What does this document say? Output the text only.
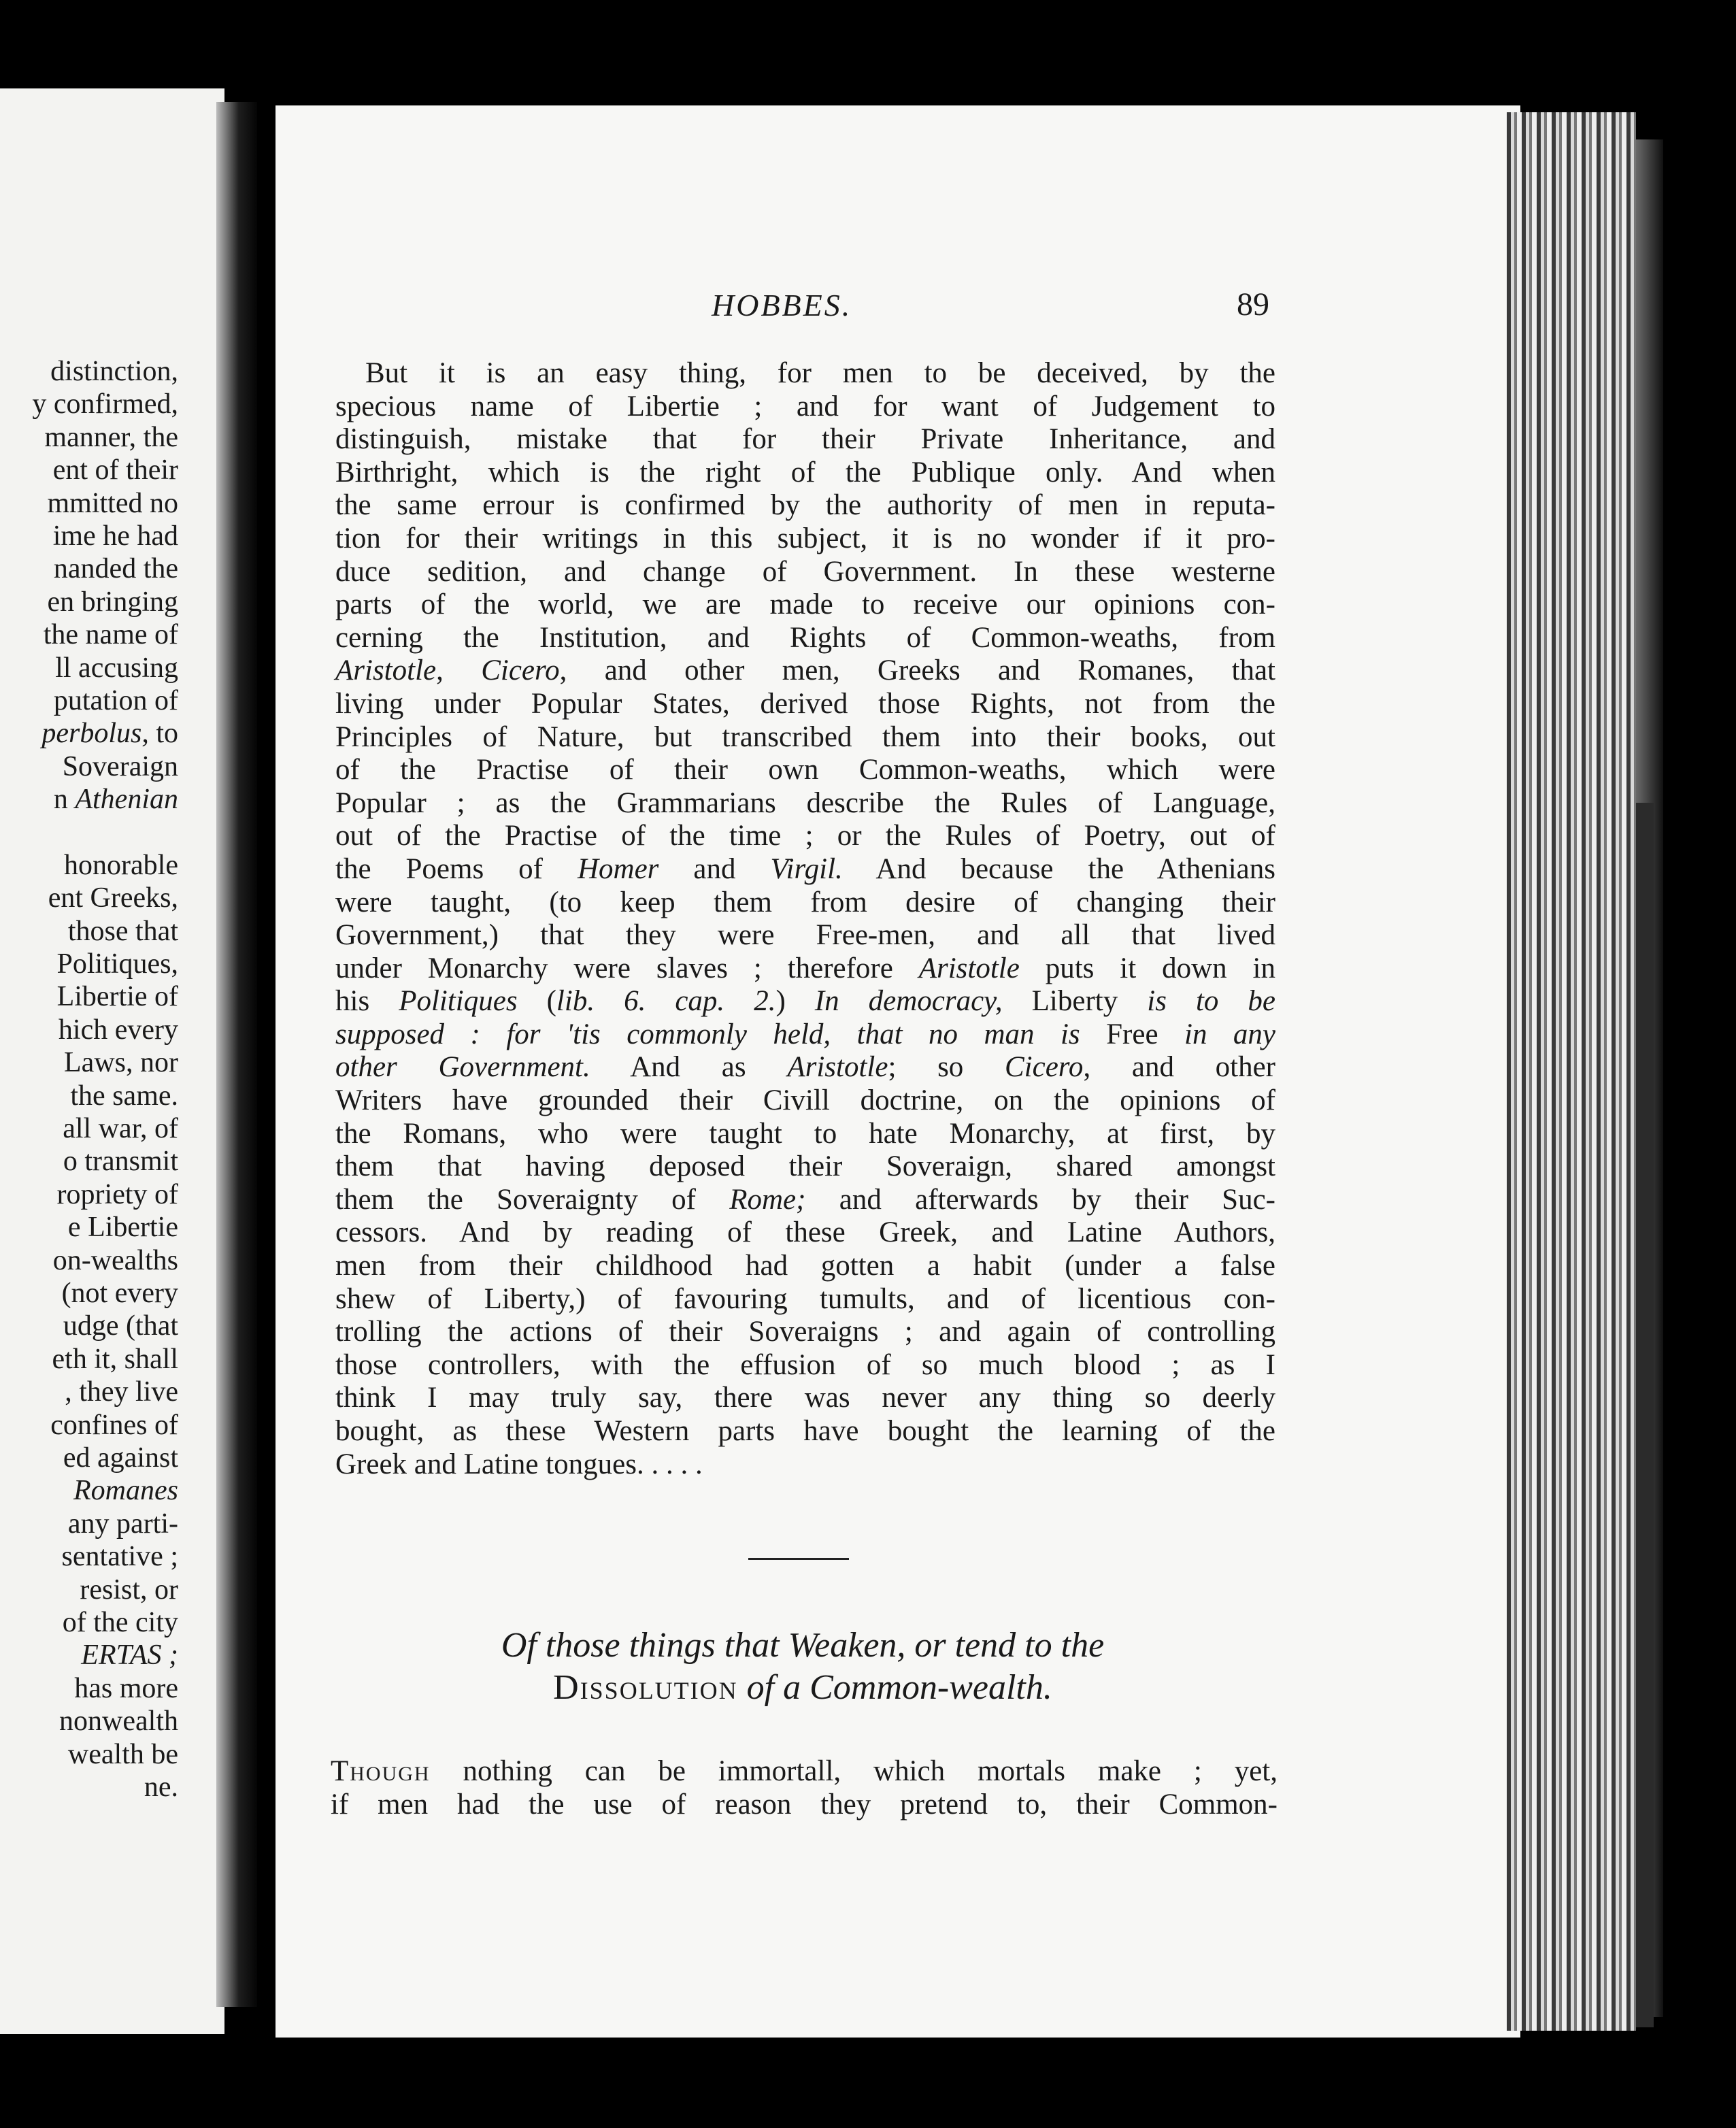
distinction,
y confirmed,
manner, the
ent of their
mmitted no
ime he had
nanded the
en bringing
the name of
ll accusing
putation of
perbolus, to
Soveraign
n Athenian
honorable
ent Greeks,
those that
Politiques,
Libertie of
hich every
Laws, nor
the same.
all war, of
o transmit
ropriety of
e Libertie
on-wealths
(not every
udge (that
eth it, shall
, they live
confines of
ed against
Romanes
any parti-
sentative ;
resist, or
of the city
ERTAS ;
has more
nonwealth
wealth be
ne.
HOBBES.	89
But it is an easy thing, for men to be deceived, by the
specious name of Libertie ; and for want of Judgement to
distinguish, mistake that for their Private Inheritance, and
Birthright, which is the right of the Publique only. And when
the same errour is confirmed by the authority of men in reputa-
tion for their writings in this subject, it is no wonder if it pro-
duce sedition, and change of Government. In these westerne
parts of the world, we are made to receive our opinions con-
cerning the Institution, and Rights of Common-weaths, from
Aristotle, Cicero, and other men, Greeks and Romanes, that
living under Popular States, derived those Rights, not from the
Principles of Nature, but transcribed them into their books, out
of the Practise of their own Common-weaths, which were
Popular ; as the Grammarians describe the Rules of Language,
out of the Practise of the time ; or the Rules of Poetry, out of
the Poems of Homer and Virgil. And because the Athenians
were taught, (to keep them from desire of changing their
Government,) that they were Free-men, and all that lived
under Monarchy were slaves ; therefore Aristotle puts it down in
his Politiques (lib. 6. cap. 2.) In democracy, Liberty is to be
supposed : for 'tis commonly held, that no man is Free in any
other Government. And as Aristotle; so Cicero, and other
Writers have grounded their Civill doctrine, on the opinions of
the Romans, who were taught to hate Monarchy, at first, by
them that having deposed their Soveraign, shared amongst
them the Soveraignty of Rome; and afterwards by their Suc-
cessors. And by reading of these Greek, and Latine Authors,
men from their childhood had gotten a habit (under a false
shew of Liberty,) of favouring tumults, and of licentious con-
trolling the actions of their Soveraigns ; and again of controlling
those controllers, with the effusion of so much blood ; as I
think I may truly say, there was never any thing so deerly
bought, as these Western parts have bought the learning of the
Greek and Latine tongues. . . . .
Of those things that Weaken, or tend to the
Dissolution of a Common-wealth.
Though nothing can be immortall, which mortals make ; yet,
if men had the use of reason they pretend to, their Common-
